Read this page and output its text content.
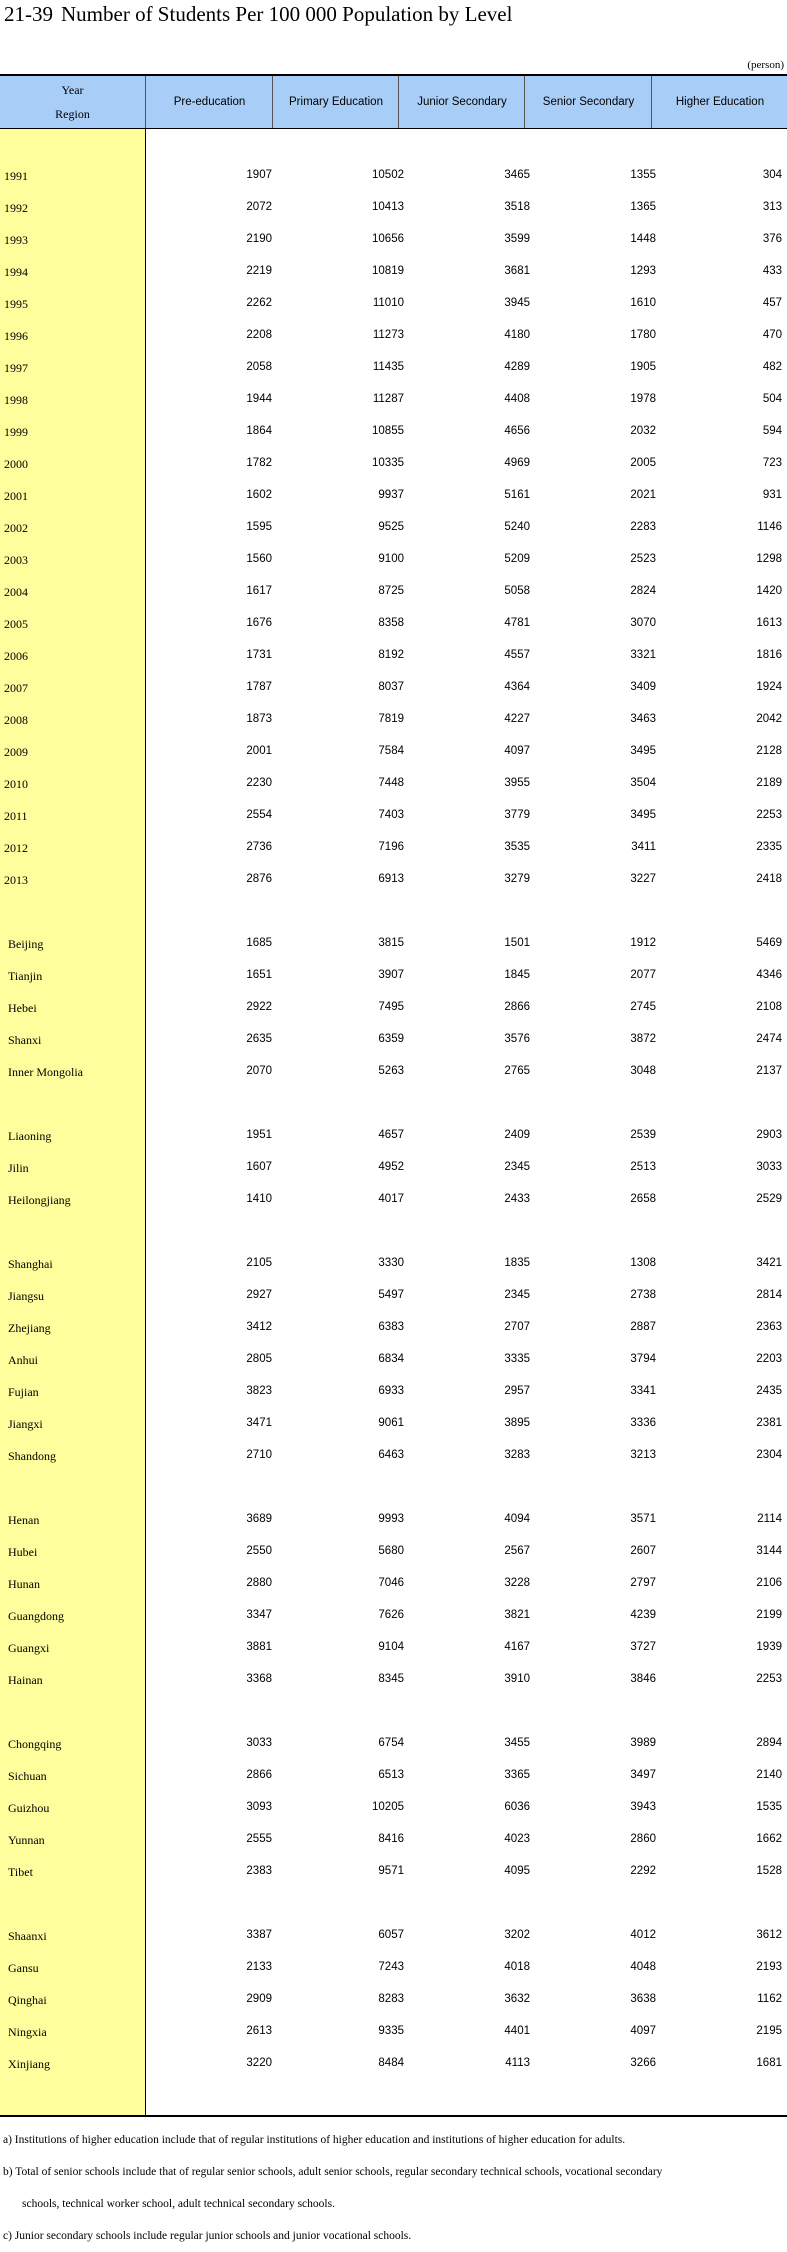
21-39 Number of Students Per 100 000 Population by Level
(person)
Year
Region
Pre-education	Primary Education	Junior Secondary	Senior Secondary	Higher Education
1991	1907	10502	3465	1355	304
1992	2072	10413	3518	1365	313
1993	2190	10656	3599	1448	376
1994	2219	10819	3681	1293	433
1995	2262	11010	3945	1610	457
1996	2208	11273	4180	1780	470
1997	2058	11435	4289	1905	482
1998	1944	11287	4408	1978	504
1999	1864	10855	4656	2032	594
2000	1782	10335	4969	2005	723
2001	1602	9937	5161	2021	931
2002	1595	9525	5240	2283	1146
2003	1560	9100	5209	2523	1298
2004	1617	8725	5058	2824	1420
2005	1676	8358	4781	3070	1613
2006	1731	8192	4557	3321	1816
2007	1787	8037	4364	3409	1924
2008	1873	7819	4227	3463	2042
2009	2001	7584	4097	3495	2128
2010	2230	7448	3955	3504	2189
2011	2554	7403	3779	3495	2253
2012	2736	7196	3535	3411	2335
2013	2876	6913	3279	3227	2418
Beijing	1685	3815	1501	1912	5469
Tianjin	1651	3907	1845	2077	4346
Hebei	2922	7495	2866	2745	2108
Shanxi	2635	6359	3576	3872	2474
Inner Mongolia	2070	5263	2765	3048	2137
Liaoning	1951	4657	2409	2539	2903
Jilin	1607	4952	2345	2513	3033
Heilongjiang	1410	4017	2433	2658	2529
Shanghai	2105	3330	1835	1308	3421
Jiangsu	2927	5497	2345	2738	2814
Zhejiang	3412	6383	2707	2887	2363
Anhui	2805	6834	3335	3794	2203
Fujian	3823	6933	2957	3341	2435
Jiangxi	3471	9061	3895	3336	2381
Shandong	2710	6463	3283	3213	2304
Henan	3689	9993	4094	3571	2114
Hubei	2550	5680	2567	2607	3144
Hunan	2880	7046	3228	2797	2106
Guangdong	3347	7626	3821	4239	2199
Guangxi	3881	9104	4167	3727	1939
Hainan	3368	8345	3910	3846	2253
Chongqing	3033	6754	3455	3989	2894
Sichuan	2866	6513	3365	3497	2140
Guizhou	3093	10205	6036	3943	1535
Yunnan	2555	8416	4023	2860	1662
Tibet	2383	9571	4095	2292	1528
Shaanxi	3387	6057	3202	4012	3612
Gansu	2133	7243	4018	4048	2193
Qinghai	2909	8283	3632	3638	1162
Ningxia	2613	9335	4401	4097	2195
Xinjiang	3220	8484	4113	3266	1681
a) Institutions of higher education include that of regular institutions of higher education and institutions of higher education for adults.
b) Total of senior schools include that of regular senior schools, adult senior schools, regular secondary technical schools, vocational secondary
schools, technical worker school, adult technical secondary schools.
c) Junior secondary schools include regular junior schools and junior vocational schools.
